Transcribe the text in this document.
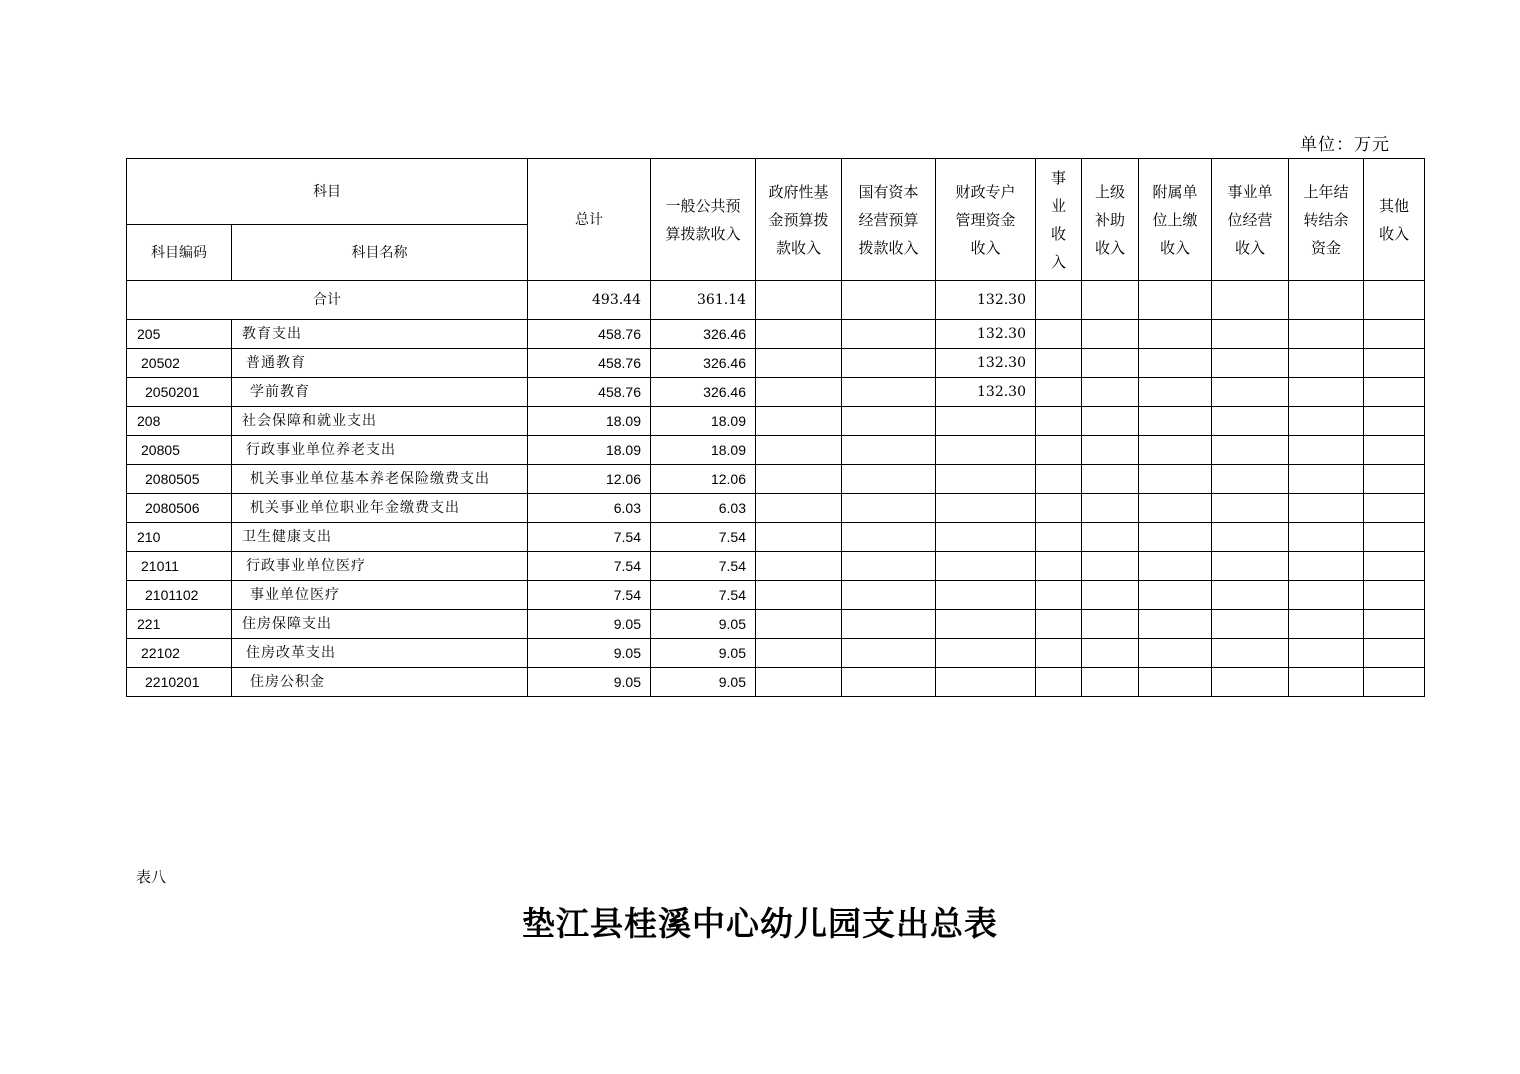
单位：万元
科目		总计	一般公共预算拨款收入	政府性基金预算拨款收入	国有资本经营预算拨款收入	财政专户管理资金收入	事业收入	上级补助收入	附属单位上缴收入	事业单位经营收入	上年结转结余资金	其他收入

科目编码	科目名称											
合计		493.44	361.14			132.30						
205	教育支出	458.76	326.46			132.30						
20502	普通教育	458.76	326.46			132.30						
2050201	学前教育	458.76	326.46			132.30						
208	社会保障和就业支出	18.09	18.09									
20805	行政事业单位养老支出	18.09	18.09									
2080505	机关事业单位基本养老保险缴费支出	12.06	12.06									
2080506	机关事业单位职业年金缴费支出	6.03	6.03									
210	卫生健康支出	7.54	7.54									
21011	行政事业单位医疗	7.54	7.54									
2101102	事业单位医疗	7.54	7.54									
221	住房保障支出	9.05	9.05									
22102	住房改革支出	9.05	9.05									
2210201	住房公积金	9.05	9.05									
表八
垫江县桂溪中心幼儿园支出总表
